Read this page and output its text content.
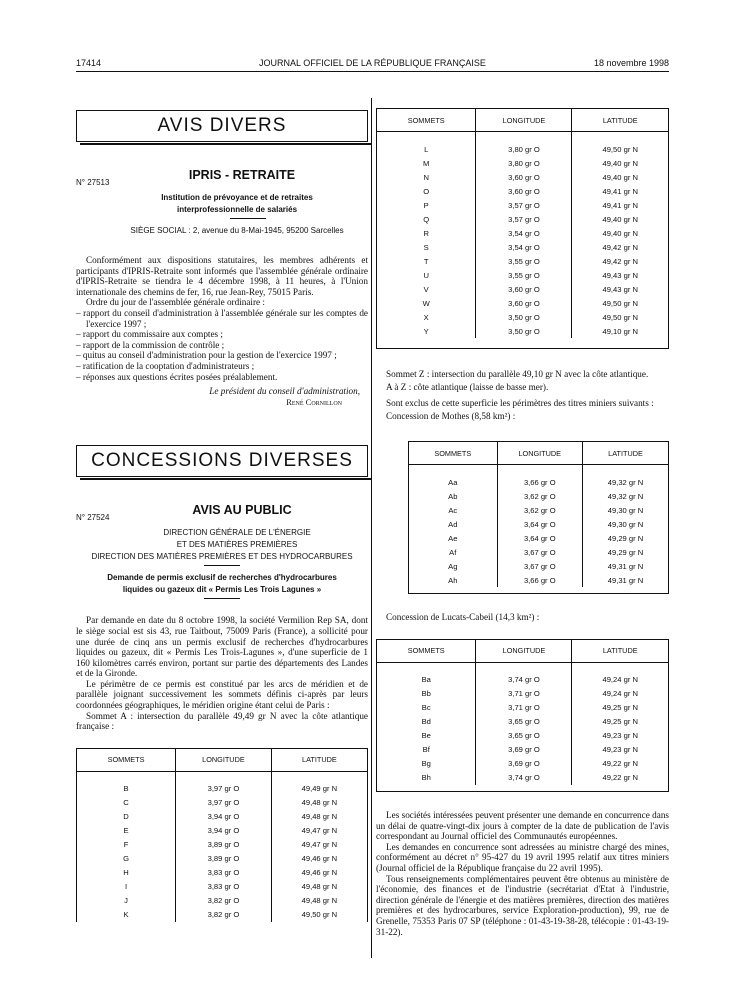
17414	JOURNAL OFFICIEL DE LA RÉPUBLIQUE FRANÇAISE	18 novembre 1998
AVIS DIVERS
N° 27513
IPRIS - RETRAITE
Institution de prévoyance et de retraites
interprofessionnelle de salariés
SIÈGE SOCIAL : 2, avenue du 8-Mai-1945, 95200 Sarcelles

Conformément aux dispositions statutaires, les membres adhérents et participants d'IPRIS-Retraite sont informés que l'assemblée générale ordinaire d'IPRIS-Retraite se tiendra le 4 décembre 1998, à 11 heures, à l'Union internationale des chemins de fer, 16, rue Jean-Rey, 75015 Paris.

Ordre du jour de l'assemblée générale ordinaire :

– rapport du conseil d'administration à l'assemblée générale sur les comptes de l'exercice 1997 ;
– rapport du commissaire aux comptes ;
– rapport de la commission de contrôle ;
– quitus au conseil d'administration pour la gestion de l'exercice 1997 ;
– ratification de la cooptation d'administrateurs ;
– réponses aux questions écrites posées préalablement.
Le président du conseil d'administration,
René Cornillon
CONCESSIONS DIVERSES
N° 27524
AVIS AU PUBLIC
DIRECTION GÉNÉRALE DE L'ÉNERGIE
ET DES MATIÈRES PREMIÈRES
DIRECTION DES MATIÈRES PREMIÈRES ET DES HYDROCARBURES
Demande de permis exclusif de recherches d'hydrocarbures
liquides ou gazeux dit « Permis Les Trois Lagunes »

Par demande en date du 8 octobre 1998, la société Vermilion Rep SA, dont le siège social est sis 43, rue Taitbout, 75009 Paris (France), a sollicité pour une durée de cinq ans un permis exclusif de recherches d'hydrocarbures liquides ou gazeux, dit « Permis Les Trois-Lagunes », d'une superficie de 1 160 kilomètres carrés environ, portant sur partie des départements des Landes et de la Gironde.

Le périmètre de ce permis est constitué par les arcs de méridien et de parallèle joignant successivement les sommets définis ci-après par leurs coordonnées géographiques, le méridien origine étant celui de Paris :

Sommet A : intersection du parallèle 49,49 gr N avec la côte atlantique française :

SOMMETS	LONGITUDE	LATITUDE
B	3,97 gr O	49,49 gr N
C	3,97 gr O	49,48 gr N
D	3,94 gr O	49,48 gr N
E	3,94 gr O	49,47 gr N
F	3,89 gr O	49,47 gr N
G	3,89 gr O	49,46 gr N
H	3,83 gr O	49,46 gr N
I	3,83 gr O	49,48 gr N
J	3,82 gr O	49,48 gr N
K	3,82 gr O	49,50 gr N
SOMMETS	LONGITUDE	LATITUDE
L	3,80 gr O	49,50 gr N
M	3,80 gr O	49,40 gr N
N	3,60 gr O	49,40 gr N
O	3,60 gr O	49,41 gr N
P	3,57 gr O	49,41 gr N
Q	3,57 gr O	49,40 gr N
R	3,54 gr O	49,40 gr N
S	3,54 gr O	49,42 gr N
T	3,55 gr O	49,42 gr N
U	3,55 gr O	49,43 gr N
V	3,60 gr O	49,43 gr N
W	3,60 gr O	49,50 gr N
X	3,50 gr O	49,50 gr N
Y	3,50 gr O	49,10 gr N

Sommet Z : intersection du parallèle 49,10 gr N avec la côte atlantique.

A à Z : côte atlantique (laisse de basse mer).

Sont exclus de cette superficie les périmètres des titres miniers suivants :

Concession de Mothes (8,58 km²) :

SOMMETS	LONGITUDE	LATITUDE
Aa	3,66 gr O	49,32 gr N
Ab	3,62 gr O	49,32 gr N
Ac	3,62 gr O	49,30 gr N
Ad	3,64 gr O	49,30 gr N
Ae	3,64 gr O	49,29 gr N
Af	3,67 gr O	49,29 gr N
Ag	3,67 gr O	49,31 gr N
Ah	3,66 gr O	49,31 gr N

Concession de Lucats-Cabeil (14,3 km²) :

SOMMETS	LONGITUDE	LATITUDE
Ba	3,74 gr O	49,24 gr N
Bb	3,71 gr O	49,24 gr N
Bc	3,71 gr O	49,25 gr N
Bd	3,65 gr O	49,25 gr N
Be	3,65 gr O	49,23 gr N
Bf	3,69 gr O	49,23 gr N
Bg	3,69 gr O	49,22 gr N
Bh	3,74 gr O	49,22 gr N

Les sociétés intéressées peuvent présenter une demande en concurrence dans un délai de quatre-vingt-dix jours à compter de la date de publication de l'avis correspondant au Journal officiel des Communautés européennes.

Les demandes en concurrence sont adressées au ministre chargé des mines, conformément au décret n° 95-427 du 19 avril 1995 relatif aux titres miniers (Journal officiel de la République française du 22 avril 1995).

Tous renseignements complémentaires peuvent être obtenus au ministère de l'économie, des finances et de l'industrie (secrétariat d'Etat à l'industrie, direction générale de l'énergie et des matières premières, direction des matières premières et des hydrocarbures, service Exploration-production), 99, rue de Grenelle, 75353 Paris 07 SP (téléphone : 01-43-19-38-28, télécopie : 01-43-19-31-22).
